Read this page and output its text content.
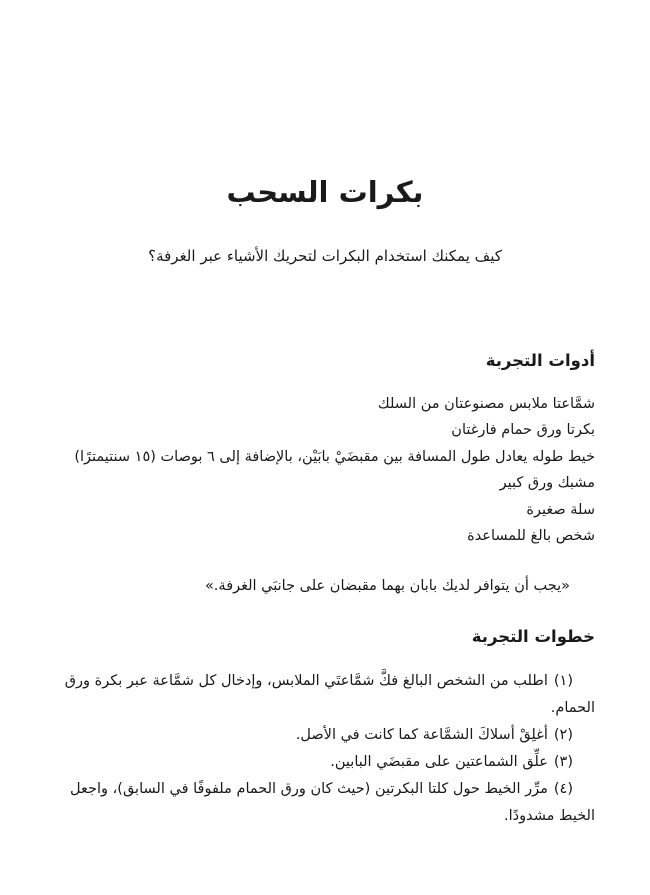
بكرات السحب

كيف يمكنك استخدام البكرات لتحريك الأشياء عبر الغرفة؟

أدوات التجربة
شمَّاعتا ملابس مصنوعتان من السلك
بكرتا ورق حمام فارغتان
خيط طوله يعادل طول المسافة بين مقبضَيْ بابَيْن، بالإضافة إلى ٦ بوصات (١٥ سنتيمترًا)
مشبك ورق كبير
سلة صغيرة
شخص بالغ للمساعدة

«يجب أن يتوافر لديك بابان بهما مقبضان على جانبَي الغرفة.»

خطوات التجربة
(١)اطلب من الشخص البالغ فكَّ شمَّاعتَي الملابس، وإدخال كل شمَّاعة عبر بكرة ورق الحمام.
(٢)أغلِقْ أسلاكَ الشمَّاعة كما كانت في الأصل.
(٣)علِّق الشماعتين على مقبضَي البابين.
(٤)مرِّر الخيط حول كلتا البكرتين (حيث كان ورق الحمام ملفوفًا في السابق)، واجعل الخيط مشدودًا.
